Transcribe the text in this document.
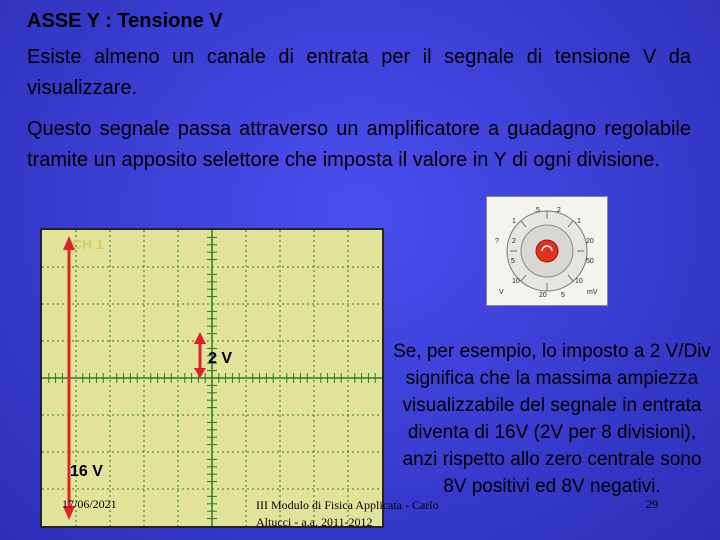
ASSE Y : Tensione V
Esiste almeno un canale di entrata per il segnale di tensione V da visualizzare.
Questo segnale passa attraverso un amplificatore a guadagno regolabile tramite un apposito selettore che imposta il valore in Y di ogni divisione.
CH 1
2 V
16 V
.5 .2
1	.1
2	20
5	50
10
20 5	mV
V
10
?
Se, per esempio, lo imposto a 2 V/Div significa che la massima ampiezza visualizzabile del segnale in entrata diventa di 16V (2V per 8 divisioni), anzi rispetto allo zero centrale sono 8V positivi ed 8V negativi.
17/06/2021	III Modulo di Fisica Applicata - Carlo Altucci - a.a. 2011-2012
29
